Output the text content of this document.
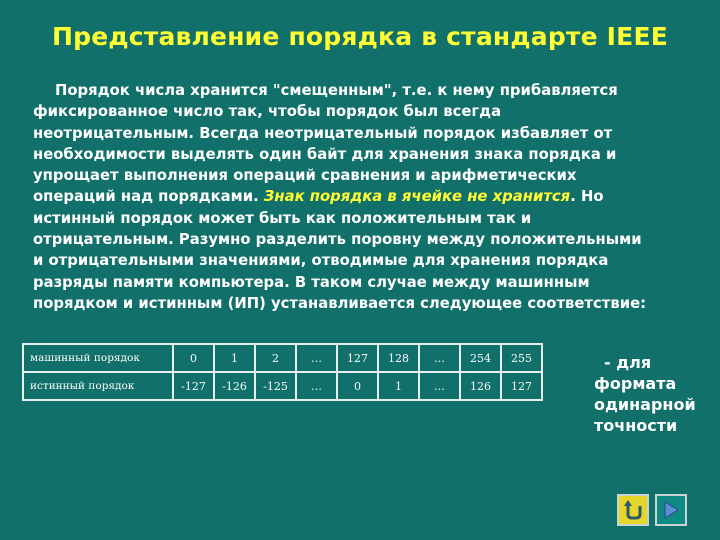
Представление порядка в стандарте IEEE
Порядок числа хранится "смещенным", т.е. к нему прибавляется
фиксированное число так, чтобы порядок был всегда
неотрицательным. Всегда неотрицательный порядок избавляет от
необходимости выделять один байт для хранения знака порядка и
упрощает выполнения операций сравнения и арифметических
операций над порядками. Знак порядка в ячейке не хранится. Но
истинный порядок может быть как положительным так и
отрицательным. Разумно разделить поровну между положительными
и отрицательными значениями, отводимые для хранения порядка
разряды памяти компьютера. В таком случае между машинным
порядком и истинным (ИП) устанавливается следующее соответствие:
машинный порядок	0	1	2	…	127	128	…	254	255
истинный порядок	-127	-126	-125	…	0	1	…	126	127
- для
формата
одинарной
точности
